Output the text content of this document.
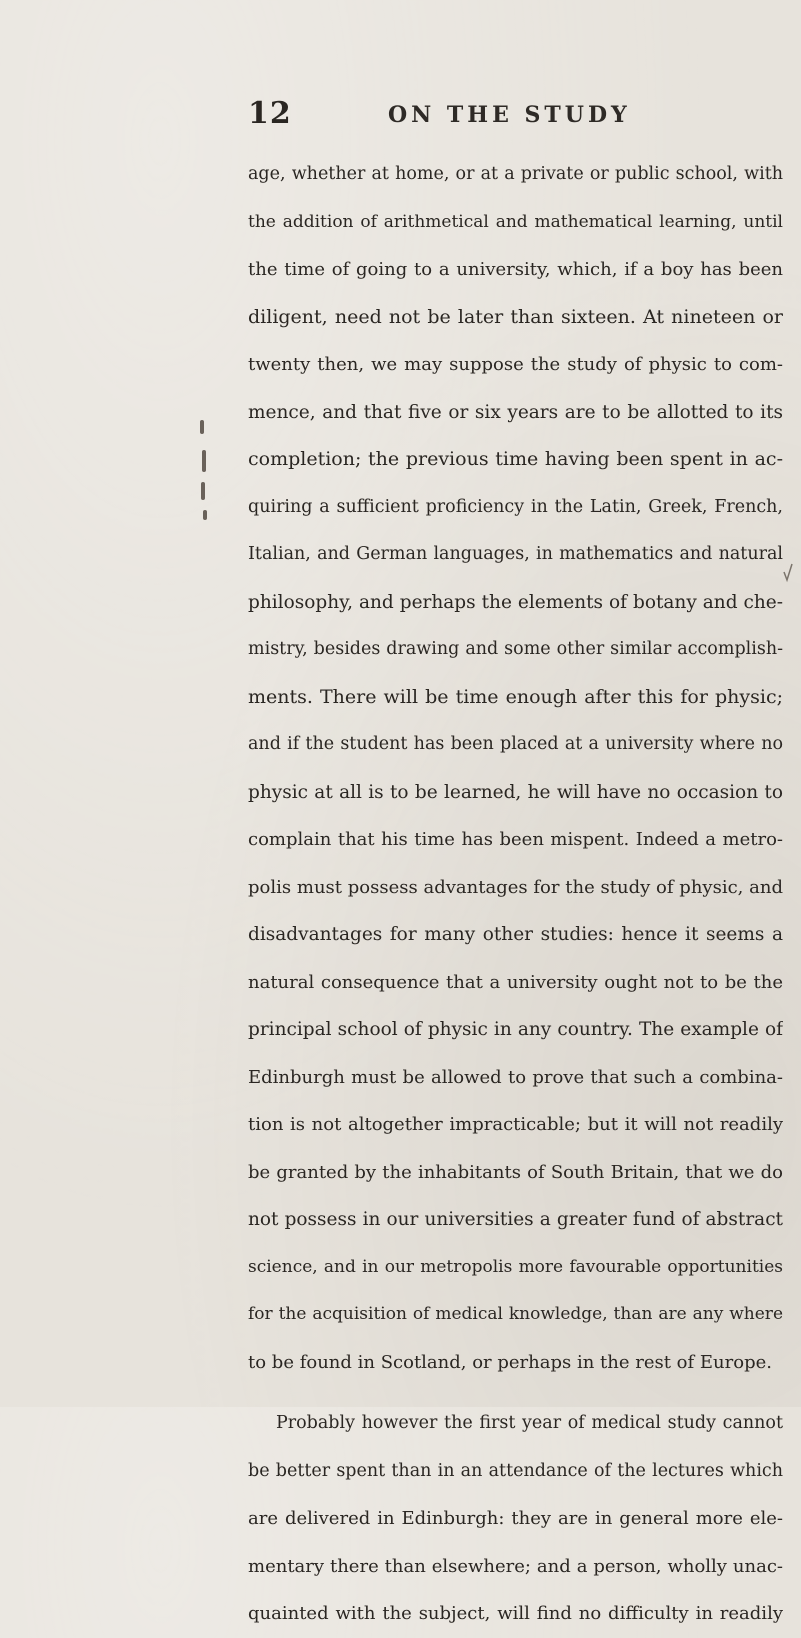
12	ON THE STUDY
age, whether at home, or at a private or public school, with
the addition of arithmetical and mathematical learning, until
the time of going to a university, which, if a boy has been
diligent, need not be later than sixteen. At nineteen or
twenty then, we may suppose the study of physic to com-
mence, and that five or six years are to be allotted to its
completion; the previous time having been spent in ac-
quiring a sufficient proficiency in the Latin, Greek, French,
Italian, and German languages, in mathematics and natural
philosophy, and perhaps the elements of botany and che-
mistry, besides drawing and some other similar accomplish-
ments. There will be time enough after this for physic;
and if the student has been placed at a university where no
physic at all is to be learned, he will have no occasion to
complain that his time has been mispent. Indeed a metro-
polis must possess advantages for the study of physic, and
disadvantages for many other studies: hence it seems a
natural consequence that a university ought not to be the
principal school of physic in any country. The example of
Edinburgh must be allowed to prove that such a combina-
tion is not altogether impracticable; but it will not readily
be granted by the inhabitants of South Britain, that we do
not possess in our universities a greater fund of abstract
science, and in our metropolis more favourable opportunities
for the acquisition of medical knowledge, than are any where
to be found in Scotland, or perhaps in the rest of Europe.
Probably however the first year of medical study cannot
be better spent than in an attendance of the lectures which
are delivered in Edinburgh: they are in general more ele-
mentary there than elsewhere; and a person, wholly unac-
quainted with the subject, will find no difficulty in readily
